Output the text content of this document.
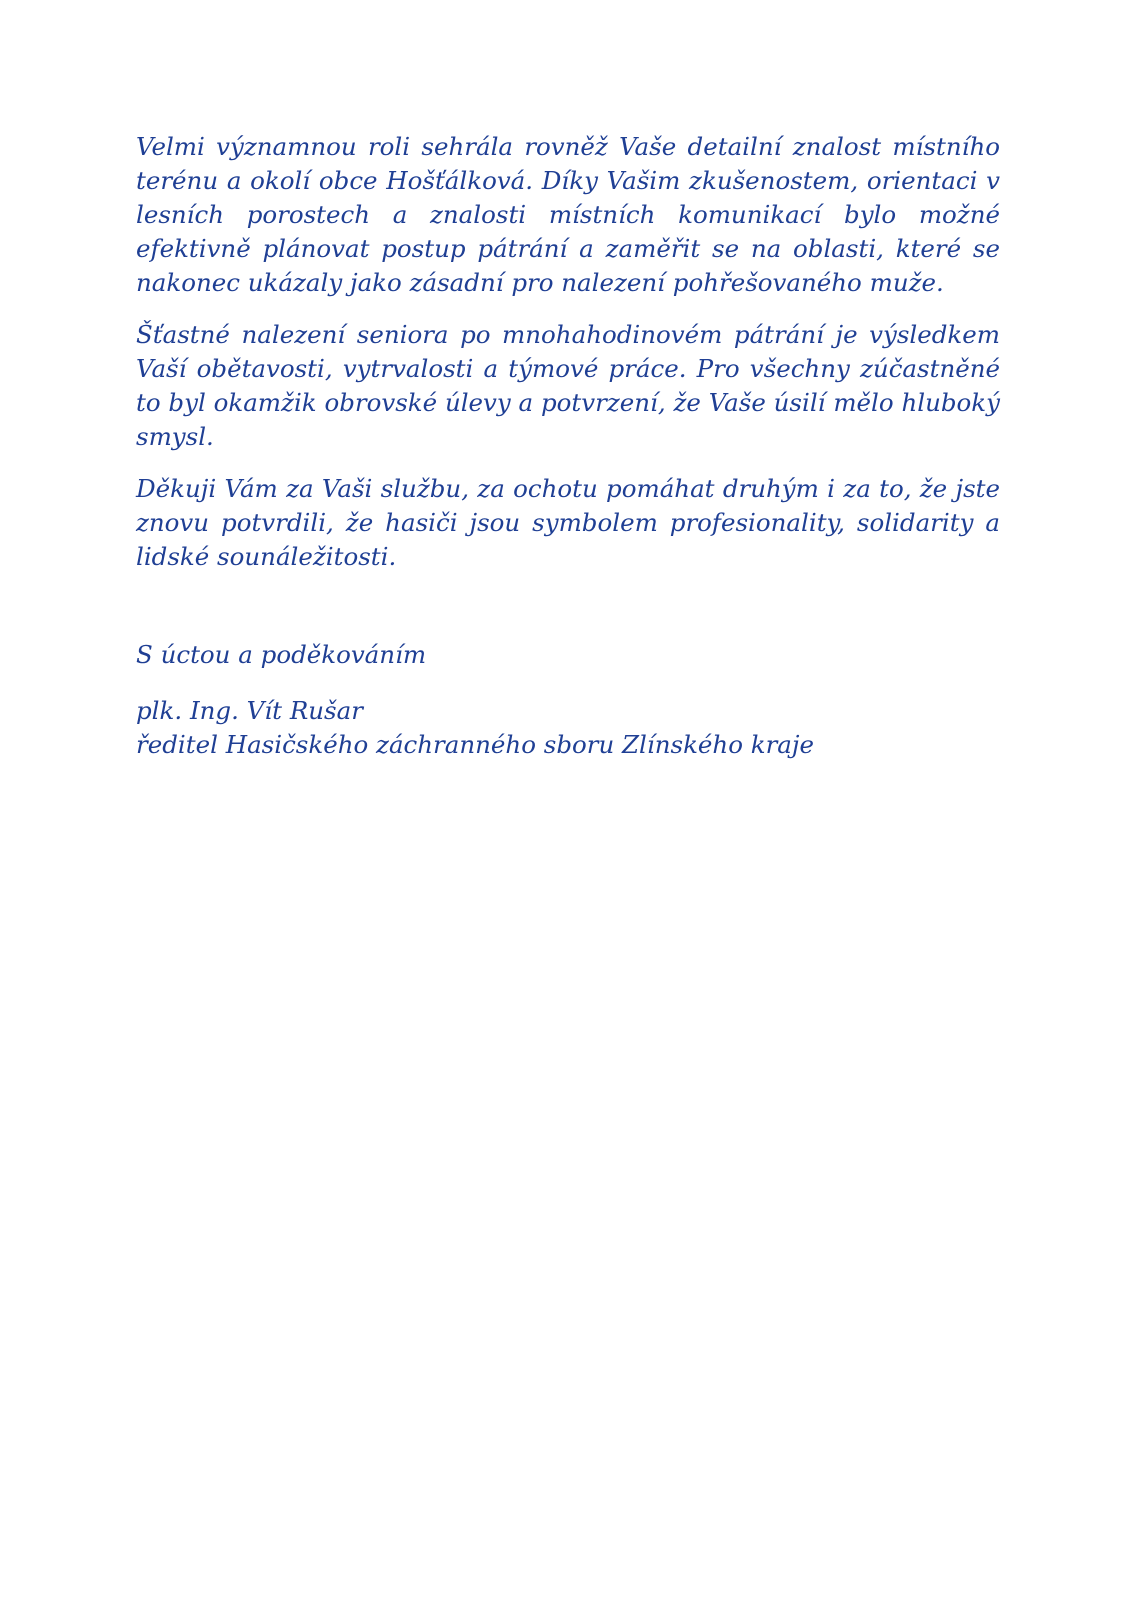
Velmi významnou roli sehrála rovněž Vaše detailní znalost místního terénu a okolí obce Hošťálková. Díky Vašim zkušenostem, orientaci v lesních porostech a znalosti místních komunikací bylo možné efektivně plánovat postup pátrání a zaměřit se na oblasti, které se nakonec ukázaly jako zásadní pro nalezení pohřešovaného muže.

Šťastné nalezení seniora po mnohahodinovém pátrání je výsledkem Vaší obětavosti, vytrvalosti a týmové práce. Pro všechny zúčastněné to byl okamžik obrovské úlevy a potvrzení, že Vaše úsilí mělo hluboký smysl.

Děkuji Vám za Vaši službu, za ochotu pomáhat druhým i za to, že jste znovu potvrdili, že hasiči jsou symbolem profesionality, solidarity a lidské sounáležitosti.

S úctou a poděkováním

plk. Ing. Vít Rušar
ředitel Hasičského záchranného sboru Zlínského kraje
